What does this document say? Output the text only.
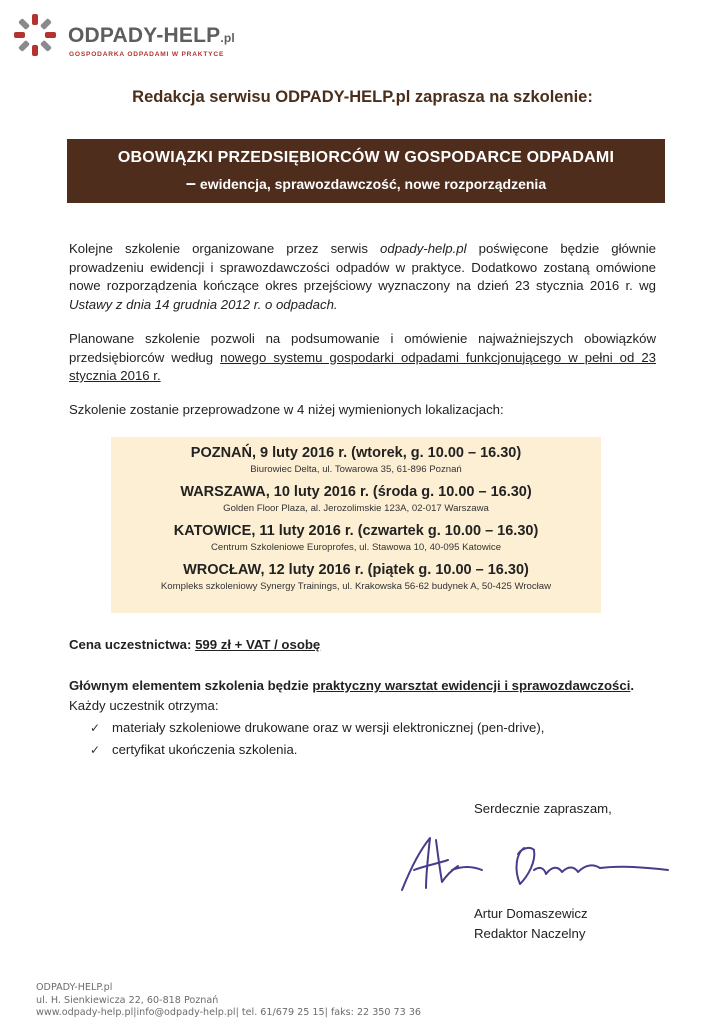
ODPADY-HELP.pl
GOSPODARKA ODPADAMI W PRAKTYCE
Redakcja serwisu ODPADY-HELP.pl zaprasza na szkolenie:
OBOWIĄZKI PRZEDSIĘBIORCÓW W GOSPODARCE ODPADAMI
– ewidencja, sprawozdawczość, nowe rozporządzenia
Kolejne szkolenie organizowane przez serwis odpady-help.pl poświęcone będzie głównie prowadzeniu ewidencji i sprawozdawczości odpadów w praktyce. Dodatkowo zostaną omówione nowe rozporządzenia kończące okres przejściowy wyznaczony na dzień 23 stycznia 2016 r. wg Ustawy z dnia 14 grudnia 2012 r. o odpadach.
Planowane szkolenie pozwoli na podsumowanie i omówienie najważniejszych obowiązków przedsiębiorców według nowego systemu gospodarki odpadami funkcjonującego w pełni od 23 stycznia 2016 r.
Szkolenie zostanie przeprowadzone w 4 niżej wymienionych lokalizacjach:
POZNAŃ, 9 luty 2016 r. (wtorek, g. 10.00 – 16.30)
Biurowiec Delta, ul. Towarowa 35, 61-896 Poznań
WARSZAWA, 10 luty 2016 r. (środa g. 10.00 – 16.30)
Golden Floor Plaza, al. Jerozolimskie 123A, 02-017 Warszawa
KATOWICE, 11 luty 2016 r. (czwartek g. 10.00 – 16.30)
Centrum Szkoleniowe Europrofes, ul. Stawowa 10, 40-095 Katowice
WROCŁAW, 12 luty 2016 r. (piątek g. 10.00 – 16.30)
Kompleks szkoleniowy Synergy Trainings, ul. Krakowska 56-62 budynek A, 50-425 Wrocław
Cena uczestnictwa: 599 zł + VAT / osobę
Głównym elementem szkolenia będzie praktyczny warsztat ewidencji i sprawozdawczości.
Każdy uczestnik otrzyma:
✓ materiały szkoleniowe drukowane oraz w wersji elektronicznej (pen-drive),
✓ certyfikat ukończenia szkolenia.
Serdecznie zapraszam,
Artur Domaszewicz
Redaktor Naczelny
ODPADY-HELP.pl
ul. H. Sienkiewicza 22, 60-818 Poznań
www.odpady-help.pl|info@odpady-help.pl| tel. 61/679 25 15| faks: 22 350 73 36
